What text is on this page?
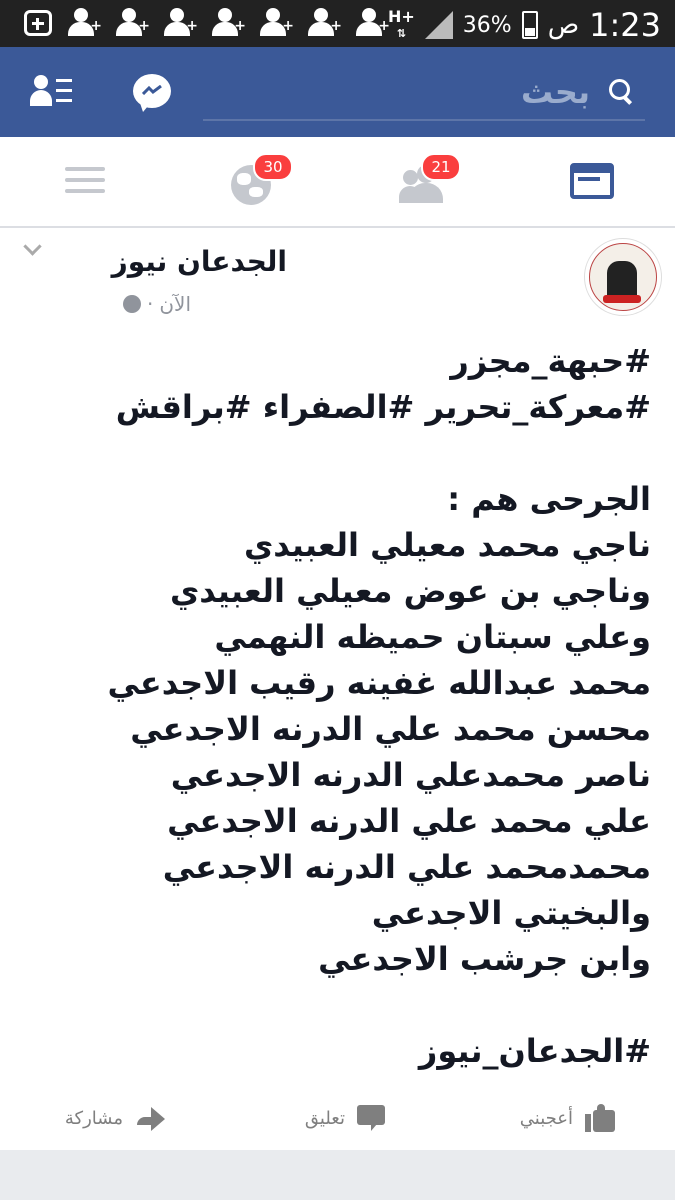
+	+	+	+	+	+	+
H+
⇅	36% ص 1:23
بحث
30	21
الجدعان نيوز
الآن
·
#حبهة_مجزر
#معركة_تحرير #الصفراء #براقش
الجرحى هم :
ناجي محمد معيلي العبيدي
وناجي بن عوض معيلي العبيدي
وعلي سبتان حميظه النهمي
محمد عبدالله غفينه رقيب الاجدعي
محسن محمد علي الدرنه الاجدعي
ناصر محمدعلي الدرنه الاجدعي
علي محمد علي الدرنه الاجدعي
محمدمحمد علي الدرنه الاجدعي
والبخيتي الاجدعي
وابن جرشب الاجدعي
#الجدعان_نيوز
أعجبني
تعليق
مشاركة
